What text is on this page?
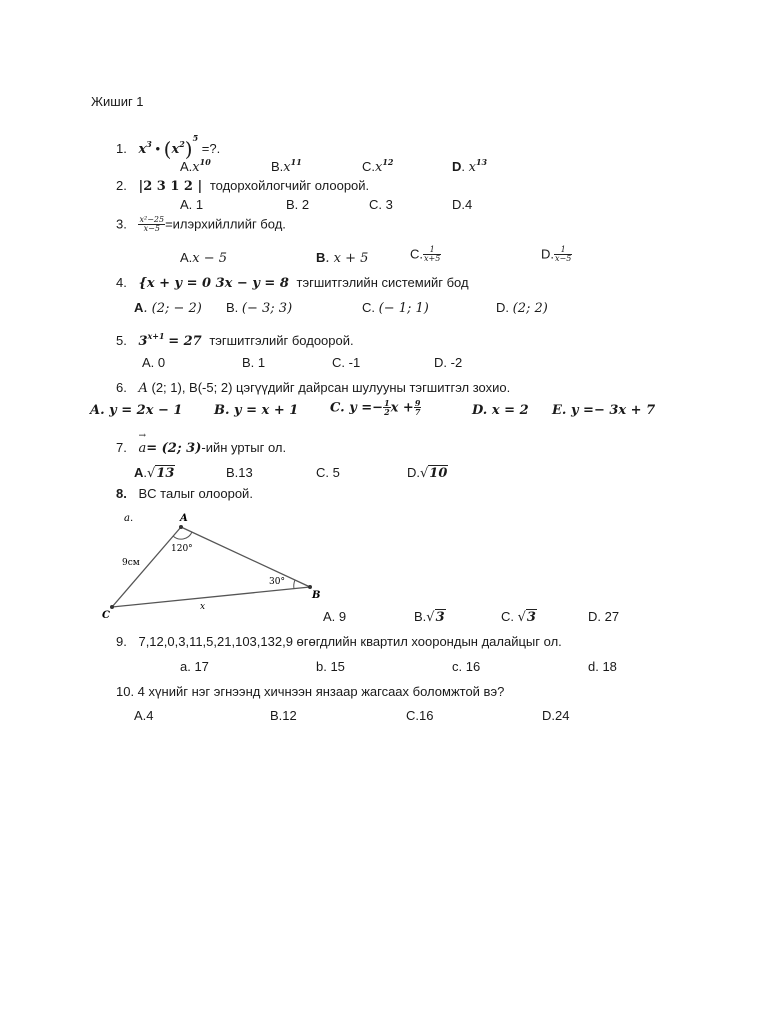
Жишиг 1
1. $x^3$ • $(x^2)^5$ =?.
$A.x^{10}$	$B.x^{11}$	$C.x^{12}$	D. $x^{13}$
2. |2 3 1 2 | тодорхойлогчийг олоорой.
A. 1	B. 2	C. 3	D.4
3. $\frac{\text{x²−25}}{x-5}$ =илэрхийллийг бод.
A.x − 5	B. x + 5	C. $\frac{1}{x+5}$	D. $\frac{1}{x-5}$
4. {x + y = 0 3x − y = 8 тэгшитгэлийн системийг бод
A. (2; − 2) B. (− 3; 3)	C. (− 1; 1)	D. (2; 2)
5. $3^{x+1} = 27$ тэгшитгэлийг бодоорой.
A. 0	B. 1	C. -1	D. -2
6. A (2; 1), B(-5; 2) цэгүүдийг дайрсан шулууны тэгшитгэл зохио.
A. y = 2x − 1 B. y = x + 1 C. $y =- \frac{1}{2}$ $x + \frac{9}{7}$	D. x = 2 E. y =− 3x + 7
7.
→
a= (2; 3)-ийн уртыг ол.
A.√13	B.13	C. 5	D.√10
8. BC талыг олоорой.
a.	A
B
C
120°
30°
9см
x
A. 9	B.√3	C. √3	D. 27
9. 7,12,0,3,11,5,21,103,132,9 өгөгдлийн квартил хоорондын далайцыг ол.
a. 17	b. 15	c. 16	d. 18
10. 4 хүнийг нэг эгнээнд хичнээн янзаар жагсаах боломжтой вэ?
A.4	B.12	C.16	D.24
